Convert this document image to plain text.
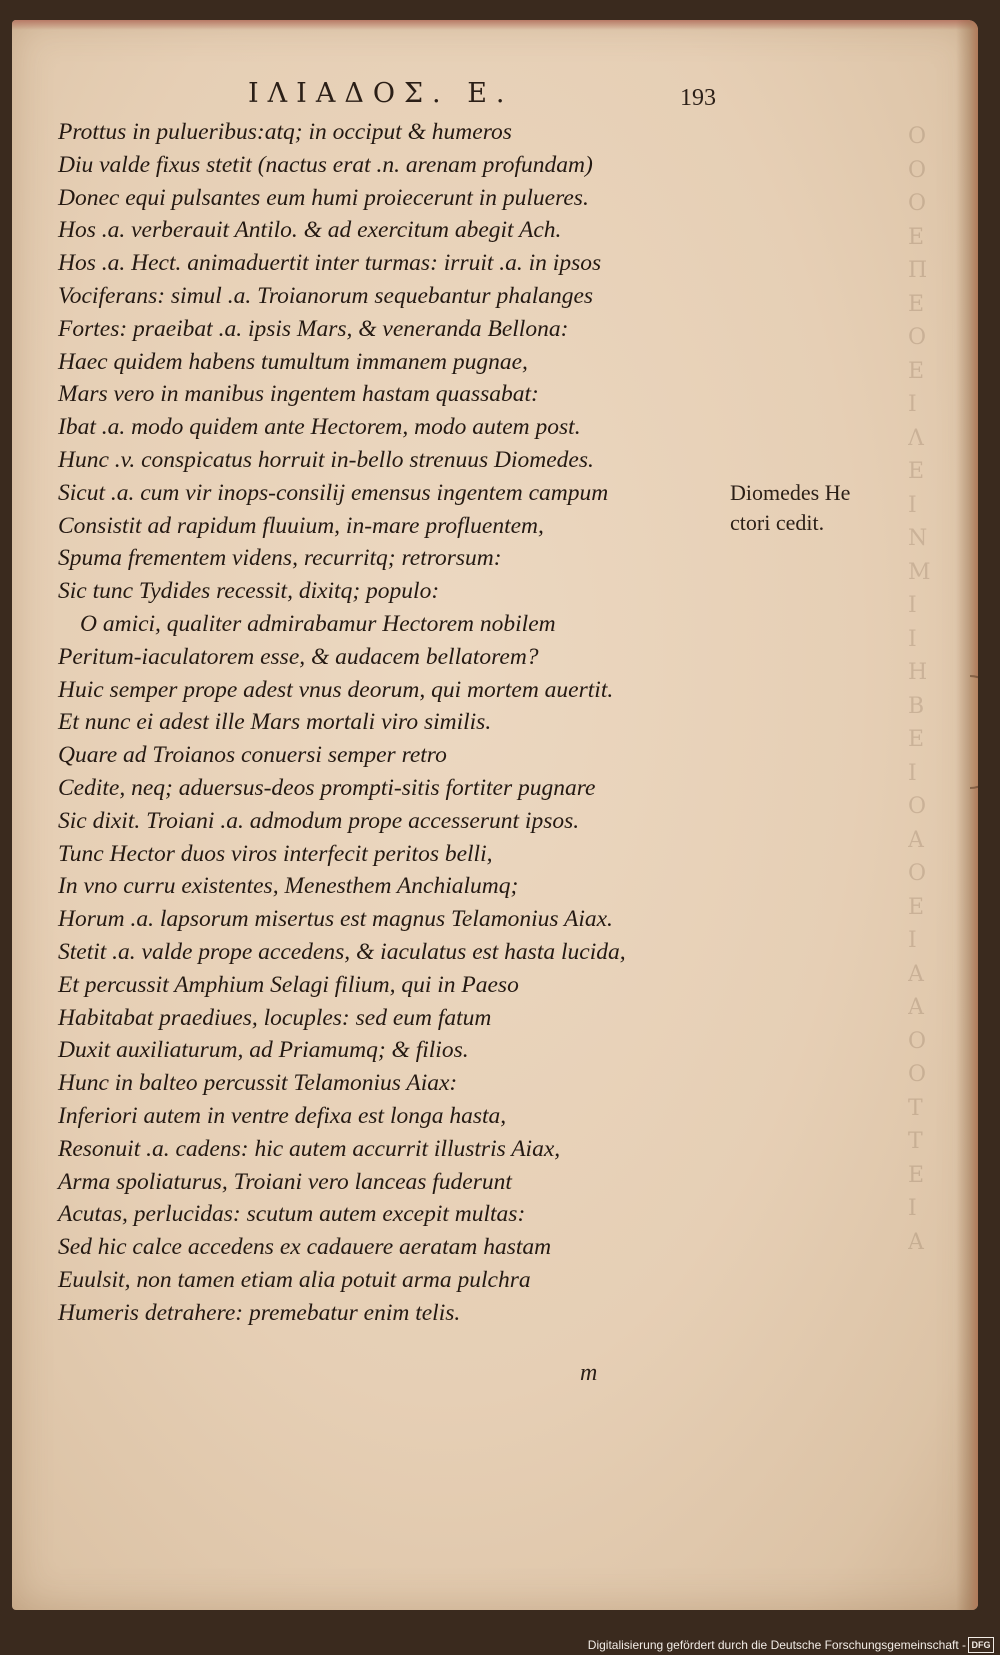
Ο
Ο
Ο
Ε
Π
Ε
Ο
Ε
Ι
Λ
Ε
Ι
Ν
Μ
Ι
Ι
Η
Β
Ε
Ι
Ο
Α
Ο
Ε
Ι
Α
Α
Ο
Ο
Τ
Τ
Ε
Ι
Α
ΙΛΙΑΔΟΣ. Ε.	193
Prottus in pulueribus:atq; in occiput & humeros
Diu valde fixus stetit (nactus erat .n. arenam profundam)
Donec equi pulsantes eum humi proiecerunt in pulueres.
Hos .a. verberauit Antilo. & ad exercitum abegit Ach.
Hos .a. Hect. animaduertit inter turmas: irruit .a. in ipsos
Vociferans: simul .a. Troianorum sequebantur phalanges
Fortes: praeibat .a. ipsis Mars, & veneranda Bellona:
Haec quidem habens tumultum immanem pugnae,
Mars vero in manibus ingentem hastam quassabat:
Ibat .a. modo quidem ante Hectorem, modo autem post.
Hunc .v. conspicatus horruit in-bello strenuus Diomedes.
Sicut .a. cum vir inops-consilij emensus ingentem campum
Consistit ad rapidum fluuium, in-mare profluentem,
Spuma frementem videns, recurritq; retrorsum:
Sic tunc Tydides recessit, dixitq; populo:
O amici, qualiter admirabamur Hectorem nobilem
Peritum-iaculatorem esse, & audacem bellatorem?
Huic semper prope adest vnus deorum, qui mortem auertit.
Et nunc ei adest ille Mars mortali viro similis.
Quare ad Troianos conuersi semper retro
Cedite, neq; aduersus-deos prompti-sitis fortiter pugnare
Sic dixit. Troiani .a. admodum prope accesserunt ipsos.
Tunc Hector duos viros interfecit peritos belli,
In vno curru existentes, Menesthem Anchialumq;
Horum .a. lapsorum misertus est magnus Telamonius Aiax.
Stetit .a. valde prope accedens, & iaculatus est hasta lucida,
Et percussit Amphium Selagi filium, qui in Paeso
Habitabat praediues, locuples: sed eum fatum
Duxit auxiliaturum, ad Priamumq; & filios.
Hunc in balteo percussit Telamonius Aiax:
Inferiori autem in ventre defixa est longa hasta,
Resonuit .a. cadens: hic autem accurrit illustris Aiax,
Arma spoliaturus, Troiani vero lanceas fuderunt
Acutas, perlucidas: scutum autem excepit multas:
Sed hic calce accedens ex cadauere aeratam hastam
Euulsit, non tamen etiam alia potuit arma pulchra
Humeris detrahere: premebatur enim telis.
Diomedes He
ctori cedit.
m
Digitalisierung gefördert durch die Deutsche Forschungsgemeinschaft - DFG
